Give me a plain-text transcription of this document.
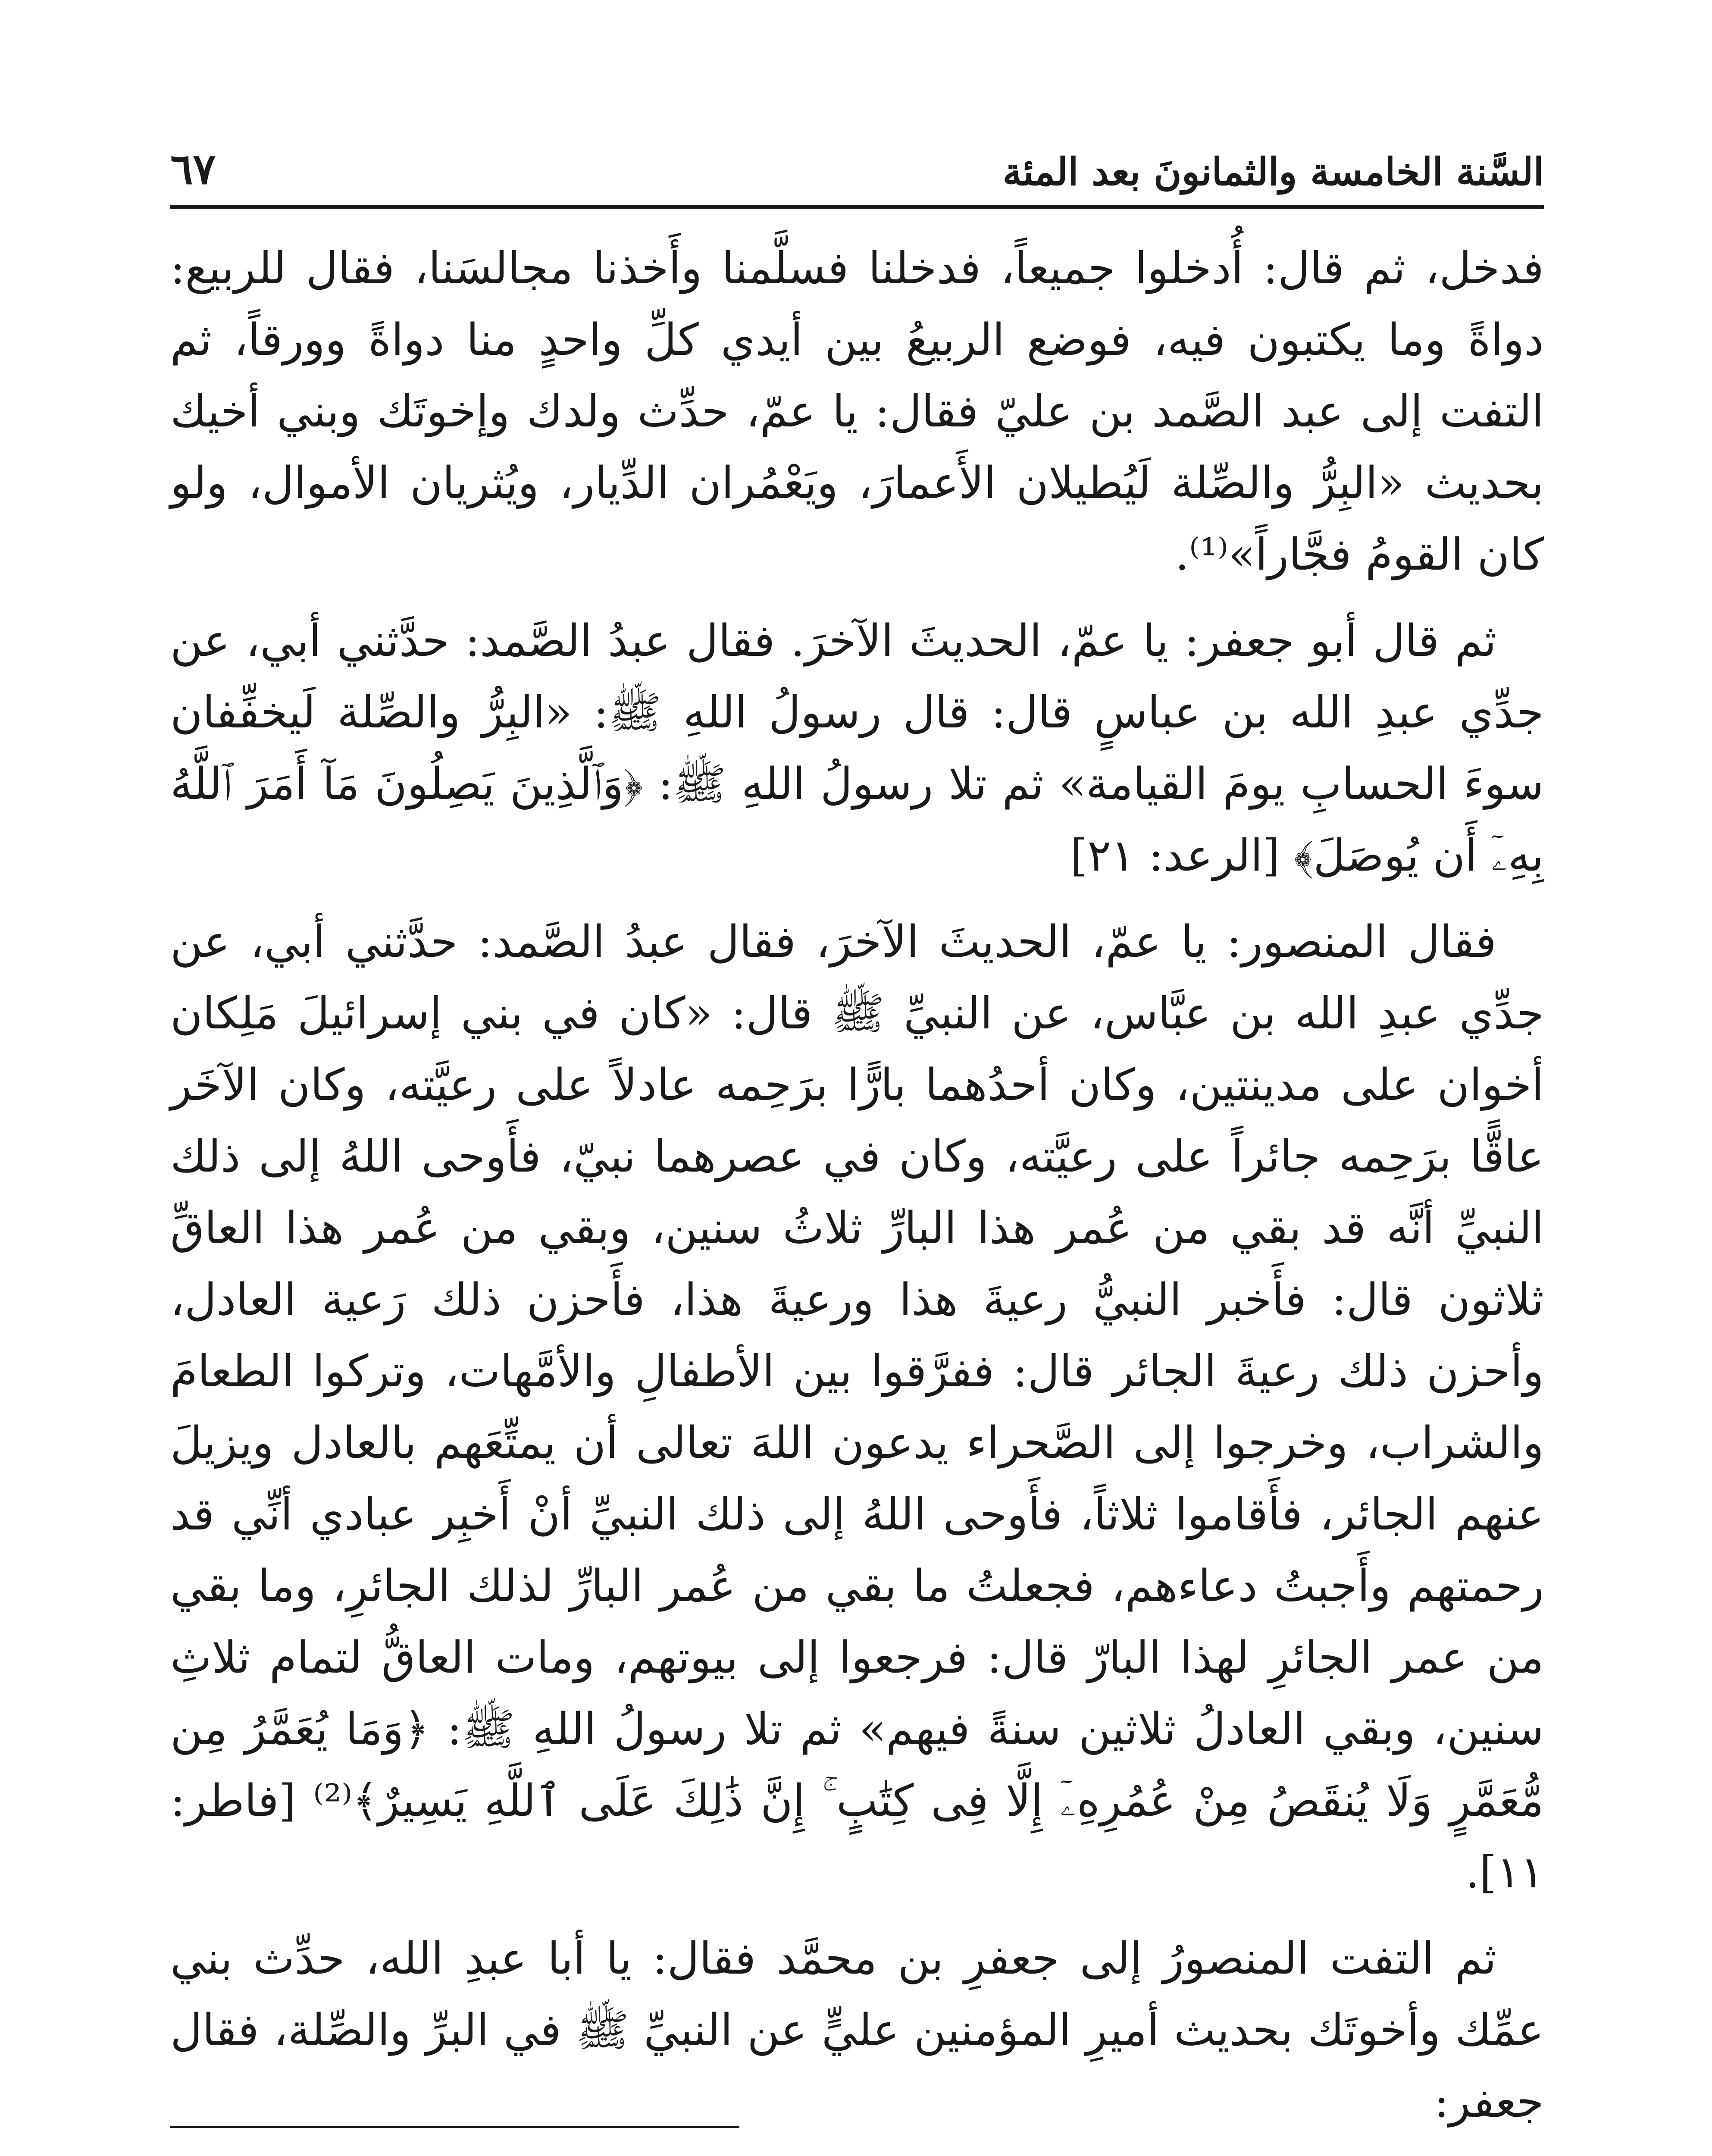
السَّنة الخامسة والثمانونَ بعد المئة
٦٧

فدخل، ثم قال: أُدخلوا جميعاً، فدخلنا فسلَّمنا وأَخذنا مجالسَنا، فقال للربيع: دواةً وما يكتبون فيه، فوضع الربيعُ بين أيدي كلِّ واحدٍ منا دواةً وورقاً، ثم التفت إلى عبد الصَّمد بن عليّ فقال: يا عمّ، حدِّث ولدك وإخوتَك وبني أخيك بحديث «البِرُّ والصِّلة لَيُطيلان الأَعمارَ، ويَعْمُران الدِّيار، ويُثريان الأموال، ولو كان القومُ فجَّاراً»⁽¹⁾.

ثم قال أبو جعفر: يا عمّ، الحديثَ الآخرَ. فقال عبدُ الصَّمد: حدَّثني أبي، عن جدِّي عبدِ الله بن عباسٍ قال: قال رسولُ اللهِ ﷺ: «البِرُّ والصِّلة لَيخفِّفان سوءَ الحسابِ يومَ القيامة» ثم تلا رسولُ اللهِ ﷺ: ﴿وَٱلَّذِينَ يَصِلُونَ مَآ أَمَرَ ٱللَّهُ بِهِۦٓ أَن يُوصَلَ﴾ [الرعد: ٢١]

فقال المنصور: يا عمّ، الحديثَ الآخرَ، فقال عبدُ الصَّمد: حدَّثني أبي، عن جدِّي عبدِ الله بن عبَّاس، عن النبيِّ ﷺ قال: «كان في بني إسرائيلَ مَلِكان أخوان على مدينتين، وكان أحدُهما بارًّا برَحِمه عادلاً على رعيَّته، وكان الآخَر عاقًّا برَحِمه جائراً على رعيَّته، وكان في عصرهما نبيّ، فأَوحى اللهُ إلى ذلك النبيِّ أنَّه قد بقي من عُمر هذا البارِّ ثلاثُ سنين، وبقي من عُمر هذا العاقِّ ثلاثون قال: فأَخبر النبيُّ رعيةَ هذا ورعيةَ هذا، فأَحزن ذلك رَعية العادل، وأحزن ذلك رعيةَ الجائر قال: ففرَّقوا بين الأطفالِ والأمَّهات، وتركوا الطعامَ والشراب، وخرجوا إلى الصَّحراء يدعون اللهَ تعالى أن يمتِّعَهم بالعادل ويزيلَ عنهم الجائر، فأَقاموا ثلاثاً، فأَوحى اللهُ إلى ذلك النبيِّ أنْ أَخبِر عبادي أنِّي قد رحمتهم وأَجبتُ دعاءهم، فجعلتُ ما بقي من عُمر البارِّ لذلك الجائرِ، وما بقي من عمر الجائرِ لهذا البارّ قال: فرجعوا إلى بيوتهم، ومات العاقُّ لتمام ثلاثِ سنين، وبقي العادلُ ثلاثين سنةً فيهم» ثم تلا رسولُ اللهِ ﷺ: ﴿وَمَا يُعَمَّرُ مِن مُّعَمَّرٍ وَلَا يُنقَصُ مِنْ عُمُرِهِۦٓ إِلَّا فِى كِتَٰبٍ ۚ إِنَّ ذَٰلِكَ عَلَى ٱللَّهِ يَسِيرٌ﴾⁽²⁾ [فاطر: ١١].

ثم التفت المنصورُ إلى جعفرِ بن محمَّد فقال: يا أبا عبدِ الله، حدِّث بني عمِّك وأخوتَك بحديث أميرِ المؤمنين عليٍّ عن النبيِّ ﷺ في البرِّ والصِّلة، فقال جعفر:
